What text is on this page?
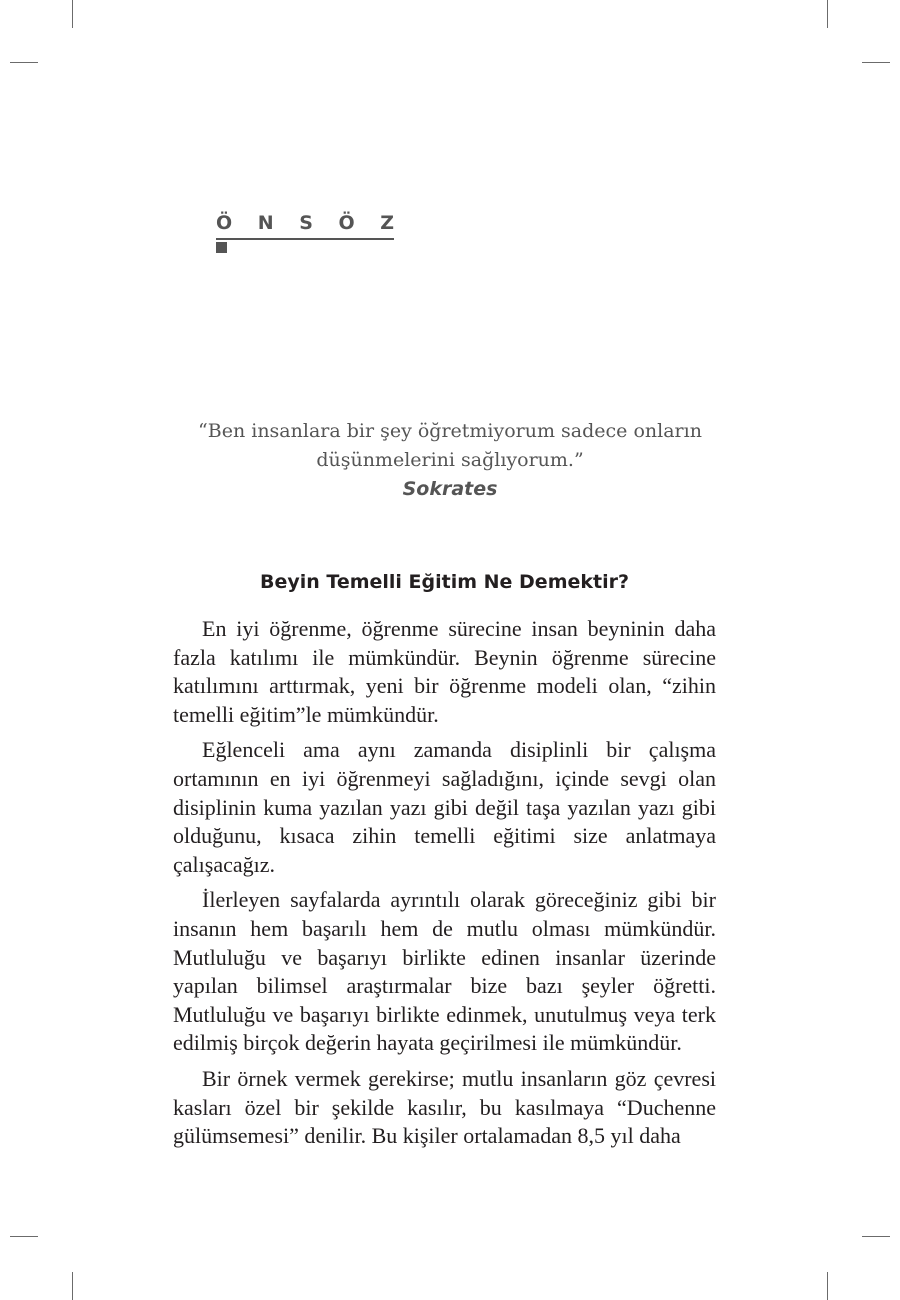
Ö N S Ö Z
“Ben insanlara bir şey öğretmiyorum sadece onların
düşünmelerini sağlıyorum.”
Sokrates
Beyin Temelli Eğitim Ne Demektir?

En iyi öğrenme, öğrenme sürecine insan beyninin daha fazla katılımı ile mümkündür. Beynin öğrenme sürecine katılımını arttırmak, yeni bir öğrenme modeli olan, “zihin temelli eğitim”le mümkündür.

Eğlenceli ama aynı zamanda disiplinli bir çalışma ortamının en iyi öğrenmeyi sağladığını, içinde sevgi olan disiplinin kuma yazılan yazı gibi değil taşa yazılan yazı gibi olduğunu, kısaca zihin temelli eğitimi size anlatmaya çalışacağız.

İlerleyen sayfalarda ayrıntılı olarak göreceğiniz gibi bir insanın hem başarılı hem de mutlu olması mümkündür. Mutluluğu ve başarıyı birlikte edinen insanlar üzerinde yapılan bilimsel araştırmalar bize bazı şeyler öğretti. Mutluluğu ve başarıyı birlikte edinmek, unutulmuş veya terk edilmiş birçok değerin hayata geçirilmesi ile mümkündür.

Bir örnek vermek gerekirse; mutlu insanların göz çevresi kasları özel bir şekilde kasılır, bu kasılmaya “Duchenne gülümsemesi” denilir. Bu kişiler ortalamadan 8,5 yıl daha
